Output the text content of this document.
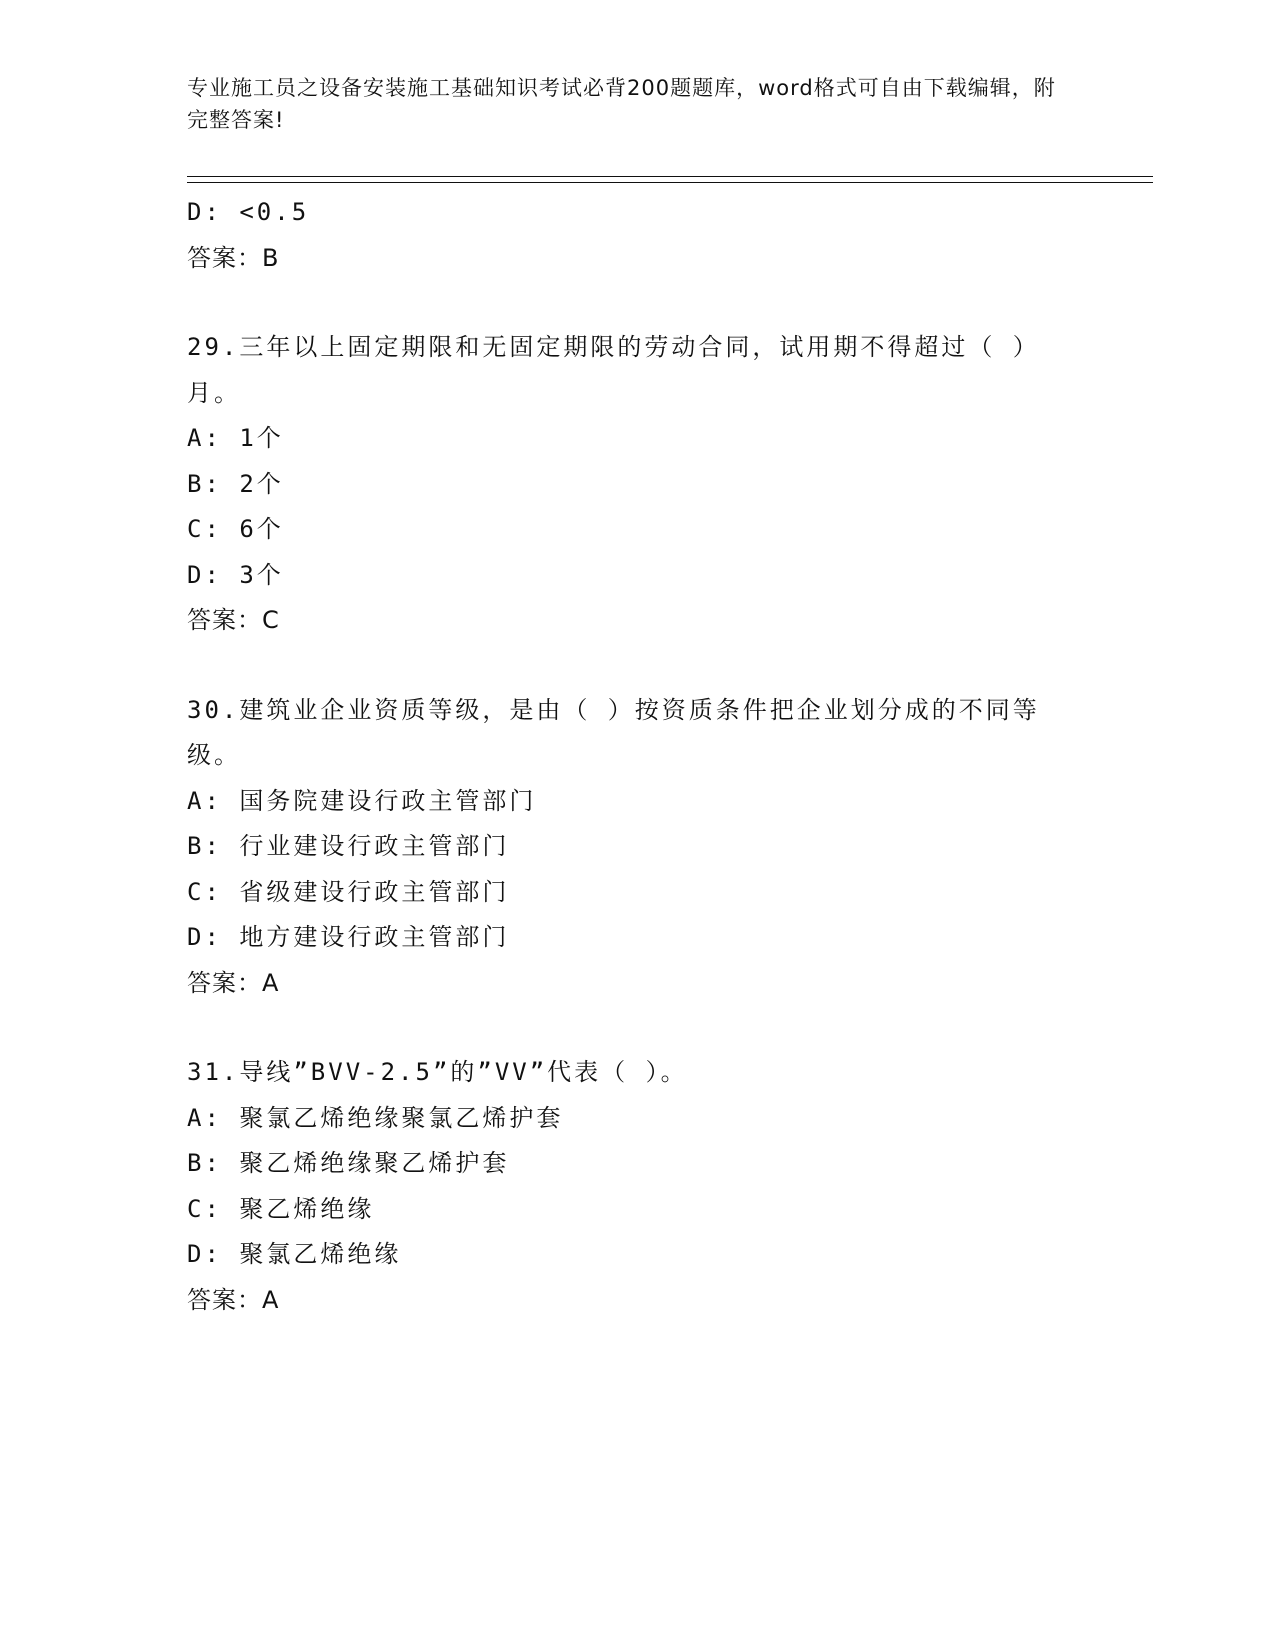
专业施工员之设备安装施工基础知识考试必背200题题库，word格式可自由下载编辑，附完整答案!
D: <0.5
答案：B
29.三年以上固定期限和无固定期限的劳动合同，试用期不得超过（ ）月。
A: 1个
B: 2个
C: 6个
D: 3个
答案：C
30.建筑业企业资质等级，是由（ ）按资质条件把企业划分成的不同等级。
A: 国务院建设行政主管部门
B: 行业建设行政主管部门
C: 省级建设行政主管部门
D: 地方建设行政主管部门
答案：A
31.导线”BVV-2.5”的”VV”代表（ ）。
A: 聚氯乙烯绝缘聚氯乙烯护套
B: 聚乙烯绝缘聚乙烯护套
C: 聚乙烯绝缘
D: 聚氯乙烯绝缘
答案：A
